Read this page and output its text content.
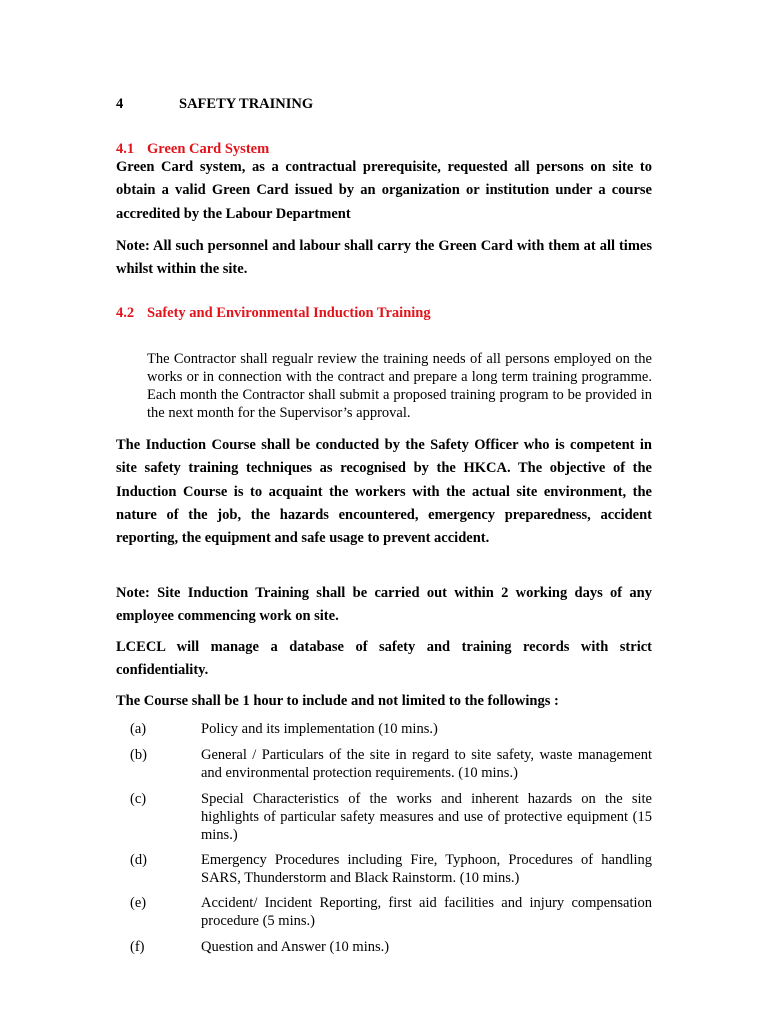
4	SAFETY TRAINING
4.1 Green Card System
Green Card system, as a contractual prerequisite, requested all persons on site to obtain a valid Green Card issued by an organization or institution under a course accredited by the Labour Department
Note: All such personnel and labour shall carry the Green Card with them at all times whilst within the site.
4.2 Safety and Environmental Induction Training
The Contractor shall regualr review the training needs of all persons employed on the works or in connection with the contract and prepare a long term training programme. Each month the Contractor shall submit a proposed training program to be provided in the next month for the Supervisor’s approval.
The Induction Course shall be conducted by the Safety Officer who is competent in site safety training techniques as recognised by the HKCA. The objective of the Induction Course is to acquaint the workers with the actual site environment, the nature of the job, the hazards encountered, emergency preparedness, accident reporting, the equipment and safe usage to prevent accident.
Note: Site Induction Training shall be carried out within 2 working days of any employee commencing work on site.
LCECL will manage a database of safety and training records with strict confidentiality.
The Course shall be 1 hour to include and not limited to the followings :
(a)	Policy and its implementation (10 mins.)
(b)	General / Particulars of the site in regard to site safety, waste management and environmental protection requirements. (10 mins.)
(c)	Special Characteristics of the works and inherent hazards on the site highlights of particular safety measures and use of protective equipment (15 mins.)
(d)	Emergency Procedures including Fire, Typhoon, Procedures of handling SARS, Thunderstorm and Black Rainstorm. (10 mins.)
(e)	Accident/ Incident Reporting, first aid facilities and injury compensation procedure (5 mins.)
(f)	Question and Answer (10 mins.)
